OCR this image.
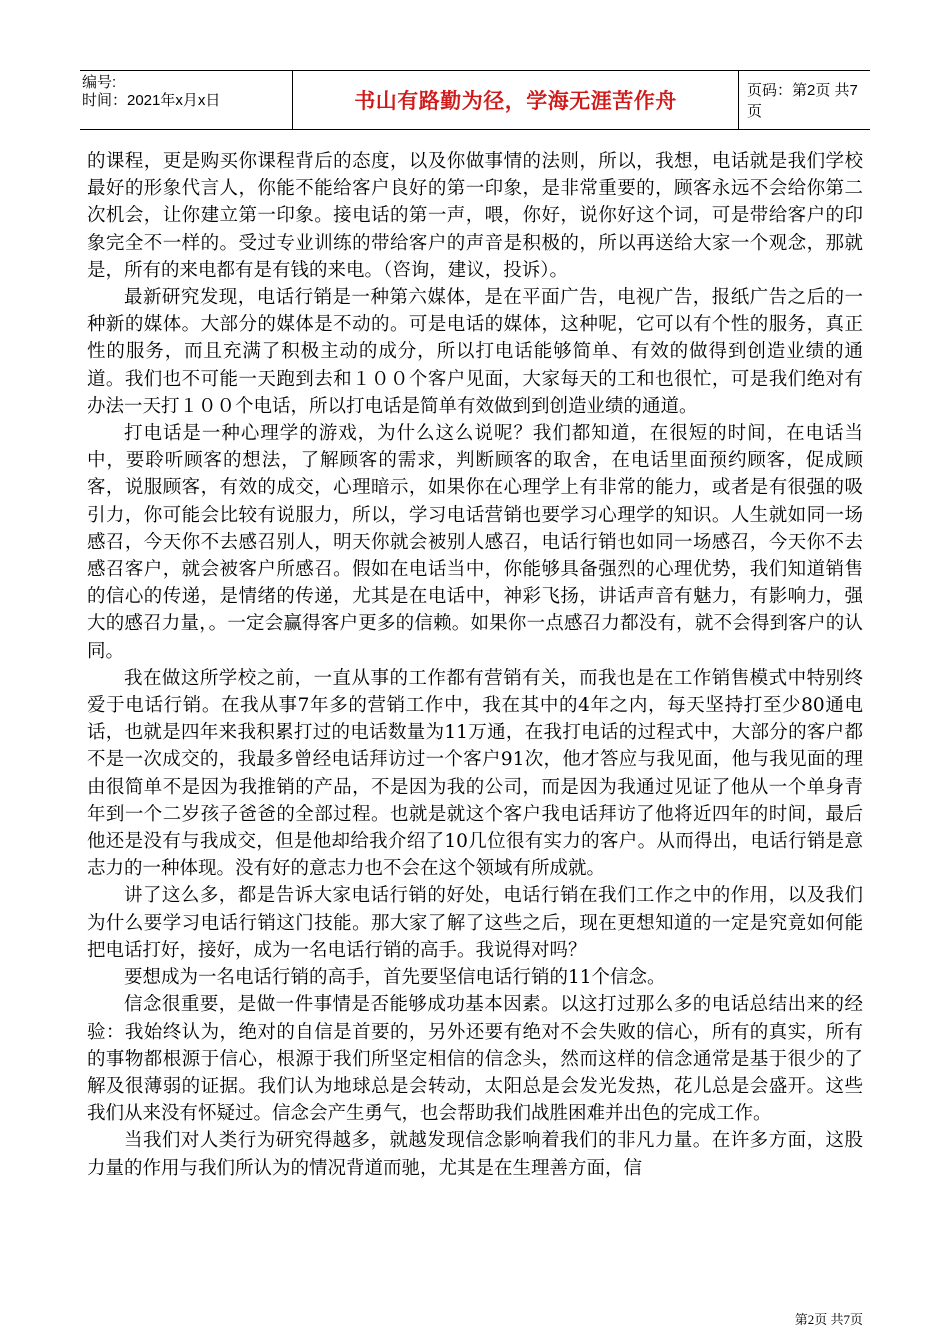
编号:
时间：2021年x月x日	书山有路勤为径，学海无涯苦作舟	页码：第2页 共7页

的课程，更是购买你课程背后的态度，以及你做事情的法则，所以，我想，电话就是我们学校最好的形象代言人，你能不能给客户良好的第一印象，是非常重要的，顾客永远不会给你第二次机会，让你建立第一印象。接电话的第一声，喂，你好，说你好这个词，可是带给客户的印象完全不一样的。受过专业训练的带给客户的声音是积极的，所以再送给大家一个观念，那就是，所有的来电都有是有钱的来电。（咨询，建议，投诉）。

最新研究发现，电话行销是一种第六媒体，是在平面广告，电视广告，报纸广告之后的一种新的媒体。大部分的媒体是不动的。可是电话的媒体，这种呢，它可以有个性的服务，真正性的服务，而且充满了积极主动的成分，所以打电话能够简单、有效的做得到创造业绩的通道。我们也不可能一天跑到去和１００个客户见面，大家每天的工和也很忙，可是我们绝对有办法一天打１００个电话，所以打电话是简单有效做到到创造业绩的通道。

打电话是一种心理学的游戏，为什么这么说呢？我们都知道，在很短的时间，在电话当中，要聆听顾客的想法，了解顾客的需求，判断顾客的取舍，在电话里面预约顾客，促成顾客，说服顾客，有效的成交，心理暗示，如果你在心理学上有非常的能力，或者是有很强的吸引力，你可能会比较有说服力，所以，学习电话营销也要学习心理学的知识。人生就如同一场感召，今天你不去感召别人，明天你就会被别人感召，电话行销也如同一场感召，今天你不去感召客户，就会被客户所感召。假如在电话当中，你能够具备强烈的心理优势，我们知道销售的信心的传递，是情绪的传递，尤其是在电话中，神彩飞扬，讲话声音有魅力，有影响力，强大的感召力量，。一定会赢得客户更多的信赖。如果你一点感召力都没有，就不会得到客户的认同。

我在做这所学校之前，一直从事的工作都有营销有关，而我也是在工作销售模式中特别终爱于电话行销。在我从事7年多的营销工作中，我在其中的4年之内，每天坚持打至少80通电话，也就是四年来我积累打过的电话数量为11万通，在我打电话的过程式中，大部分的客户都不是一次成交的，我最多曾经电话拜访过一个客户91次，他才答应与我见面，他与我见面的理由很简单不是因为我推销的产品，不是因为我的公司，而是因为我通过见证了他从一个单身青年到一个二岁孩子爸爸的全部过程。也就是就这个客户我电话拜访了他将近四年的时间，最后他还是没有与我成交，但是他却给我介绍了10几位很有实力的客户。从而得出，电话行销是意志力的一种体现。没有好的意志力也不会在这个领域有所成就。

讲了这么多，都是告诉大家电话行销的好处，电话行销在我们工作之中的作用，以及我们为什么要学习电话行销这门技能。那大家了解了这些之后，现在更想知道的一定是究竟如何能把电话打好，接好，成为一名电话行销的高手。我说得对吗？

要想成为一名电话行销的高手，首先要坚信电话行销的11个信念。

信念很重要，是做一件事情是否能够成功基本因素。以这打过那么多的电话总结出来的经验：我始终认为，绝对的自信是首要的，另外还要有绝对不会失败的信心，所有的真实，所有的事物都根源于信心，根源于我们所坚定相信的信念头，然而这样的信念通常是基于很少的了解及很薄弱的证据。我们认为地球总是会转动，太阳总是会发光发热，花儿总是会盛开。这些我们从来没有怀疑过。信念会产生勇气，也会帮助我们战胜困难并出色的完成工作。

当我们对人类行为研究得越多，就越发现信念影响着我们的非凡力量。在许多方面，这股力量的作用与我们所认为的情况背道而驰，尤其是在生理善方面，信

第2页 共7页
